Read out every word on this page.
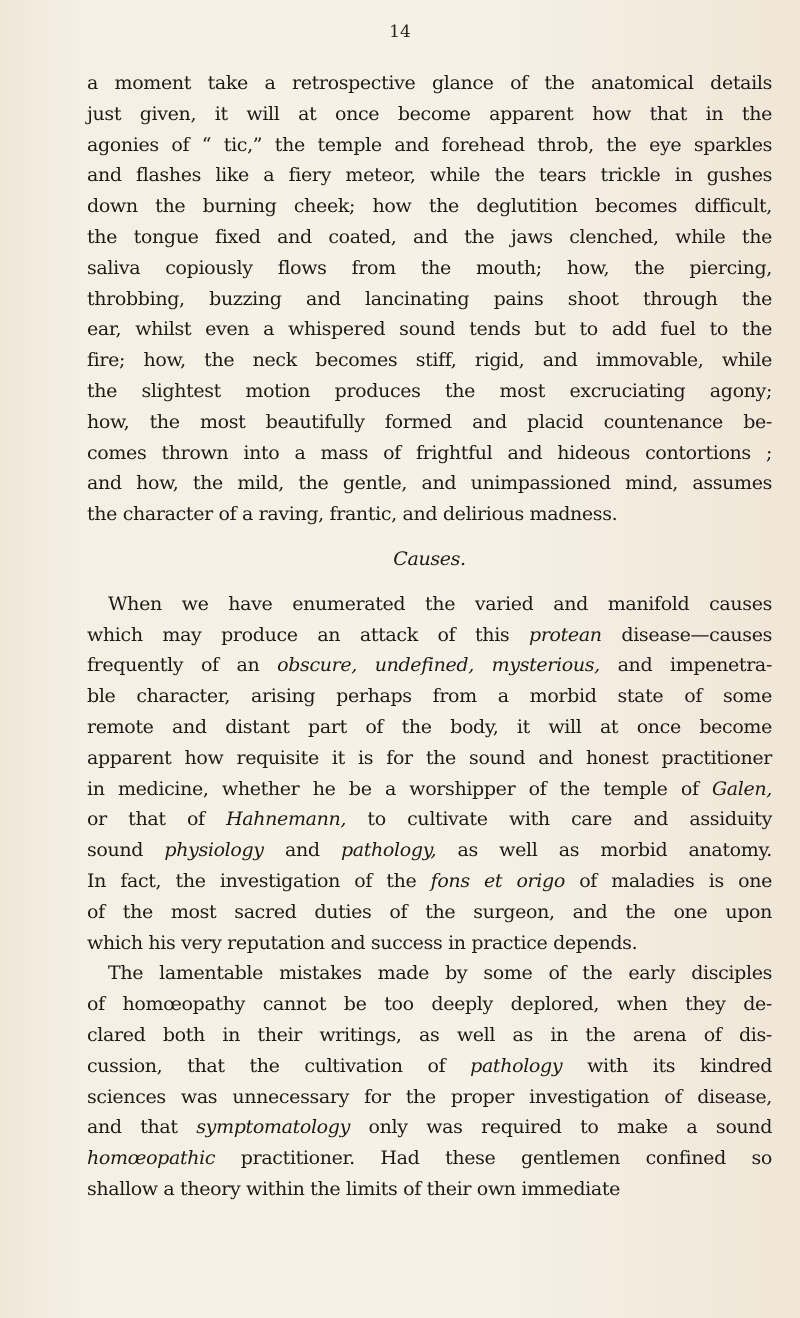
14
a moment take a retrospective glance of the anatomical details
just given, it will at once become apparent how that in the
agonies of “ tic,” the temple and forehead throb, the eye sparkles
and flashes like a fiery meteor, while the tears trickle in gushes
down the burning cheek; how the deglutition becomes difficult,
the tongue fixed and coated, and the jaws clenched, while the
saliva copiously flows from the mouth; how, the piercing,
throbbing, buzzing and lancinating pains shoot through the
ear, whilst even a whispered sound tends but to add fuel to the
fire; how, the neck becomes stiff, rigid, and immovable, while
the slightest motion produces the most excruciating agony;
how, the most beautifully formed and placid countenance be-
comes thrown into a mass of frightful and hideous contortions ;
and how, the mild, the gentle, and unimpassioned mind, assumes
the character of a raving, frantic, and delirious madness.
Causes.
When we have enumerated the varied and manifold causes
which may produce an attack of this protean disease—causes
frequently of an obscure, undefined, mysterious, and impenetra-
ble character, arising perhaps from a morbid state of some
remote and distant part of the body, it will at once become
apparent how requisite it is for the sound and honest practitioner
in medicine, whether he be a worshipper of the temple of Galen,
or that of Hahnemann, to cultivate with care and assiduity
sound physiology and pathology, as well as morbid anatomy.
In fact, the investigation of the fons et origo of maladies is one
of the most sacred duties of the surgeon, and the one upon
which his very reputation and success in practice depends.
The lamentable mistakes made by some of the early disciples
of homœopathy cannot be too deeply deplored, when they de-
clared both in their writings, as well as in the arena of dis-
cussion, that the cultivation of pathology with its kindred
sciences was unnecessary for the proper investigation of disease,
and that symptomatology only was required to make a sound
homœopathic practitioner. Had these gentlemen confined so
shallow a theory within the limits of their own immediate
